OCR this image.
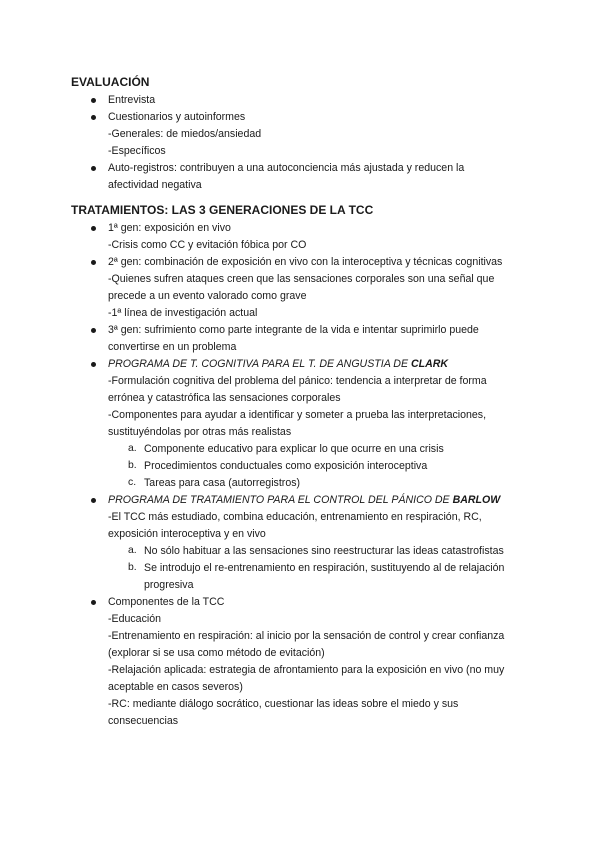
EVALUACIÓN
Entrevista
Cuestionarios y autoinformes
-Generales: de miedos/ansiedad
-Específicos
Auto-registros: contribuyen a una autoconciencia más ajustada y reducen la
afectividad negativa
TRATAMIENTOS: LAS 3 GENERACIONES DE LA TCC
1ª gen: exposición en vivo
-Crisis como CC y evitación fóbica por CO
2ª gen: combinación de exposición en vivo con la interoceptiva y técnicas cognitivas
-Quienes sufren ataques creen que las sensaciones corporales son una señal que
precede a un evento valorado como grave
-1ª línea de investigación actual
3ª gen: sufrimiento como parte integrante de la vida e intentar suprimirlo puede
convertirse en un problema
PROGRAMA DE T. COGNITIVA PARA EL T. DE ANGUSTIA DE CLARK
-Formulación cognitiva del problema del pánico: tendencia a interpretar de forma
errónea y catastrófica las sensaciones corporales
-Componentes para ayudar a identificar y someter a prueba las interpretaciones,
sustituyéndolas por otras más realistas
a. Componente educativo para explicar lo que ocurre en una crisis
b. Procedimientos conductuales como exposición interoceptiva
c. Tareas para casa (autorregistros)
PROGRAMA DE TRATAMIENTO PARA EL CONTROL DEL PÁNICO DE BARLOW
-El TCC más estudiado, combina educación, entrenamiento en respiración, RC,
exposición interoceptiva y en vivo
a. No sólo habituar a las sensaciones sino reestructurar las ideas catastrofistas
b. Se introdujo el re-entrenamiento en respiración, sustituyendo al de relajación
progresiva
Componentes de la TCC
-Educación
-Entrenamiento en respiración: al inicio por la sensación de control y crear confianza
(explorar si se usa como método de evitación)
-Relajación aplicada: estrategia de afrontamiento para la exposición en vivo (no muy
aceptable en casos severos)
-RC: mediante diálogo socrático, cuestionar las ideas sobre el miedo y sus
consecuencias
